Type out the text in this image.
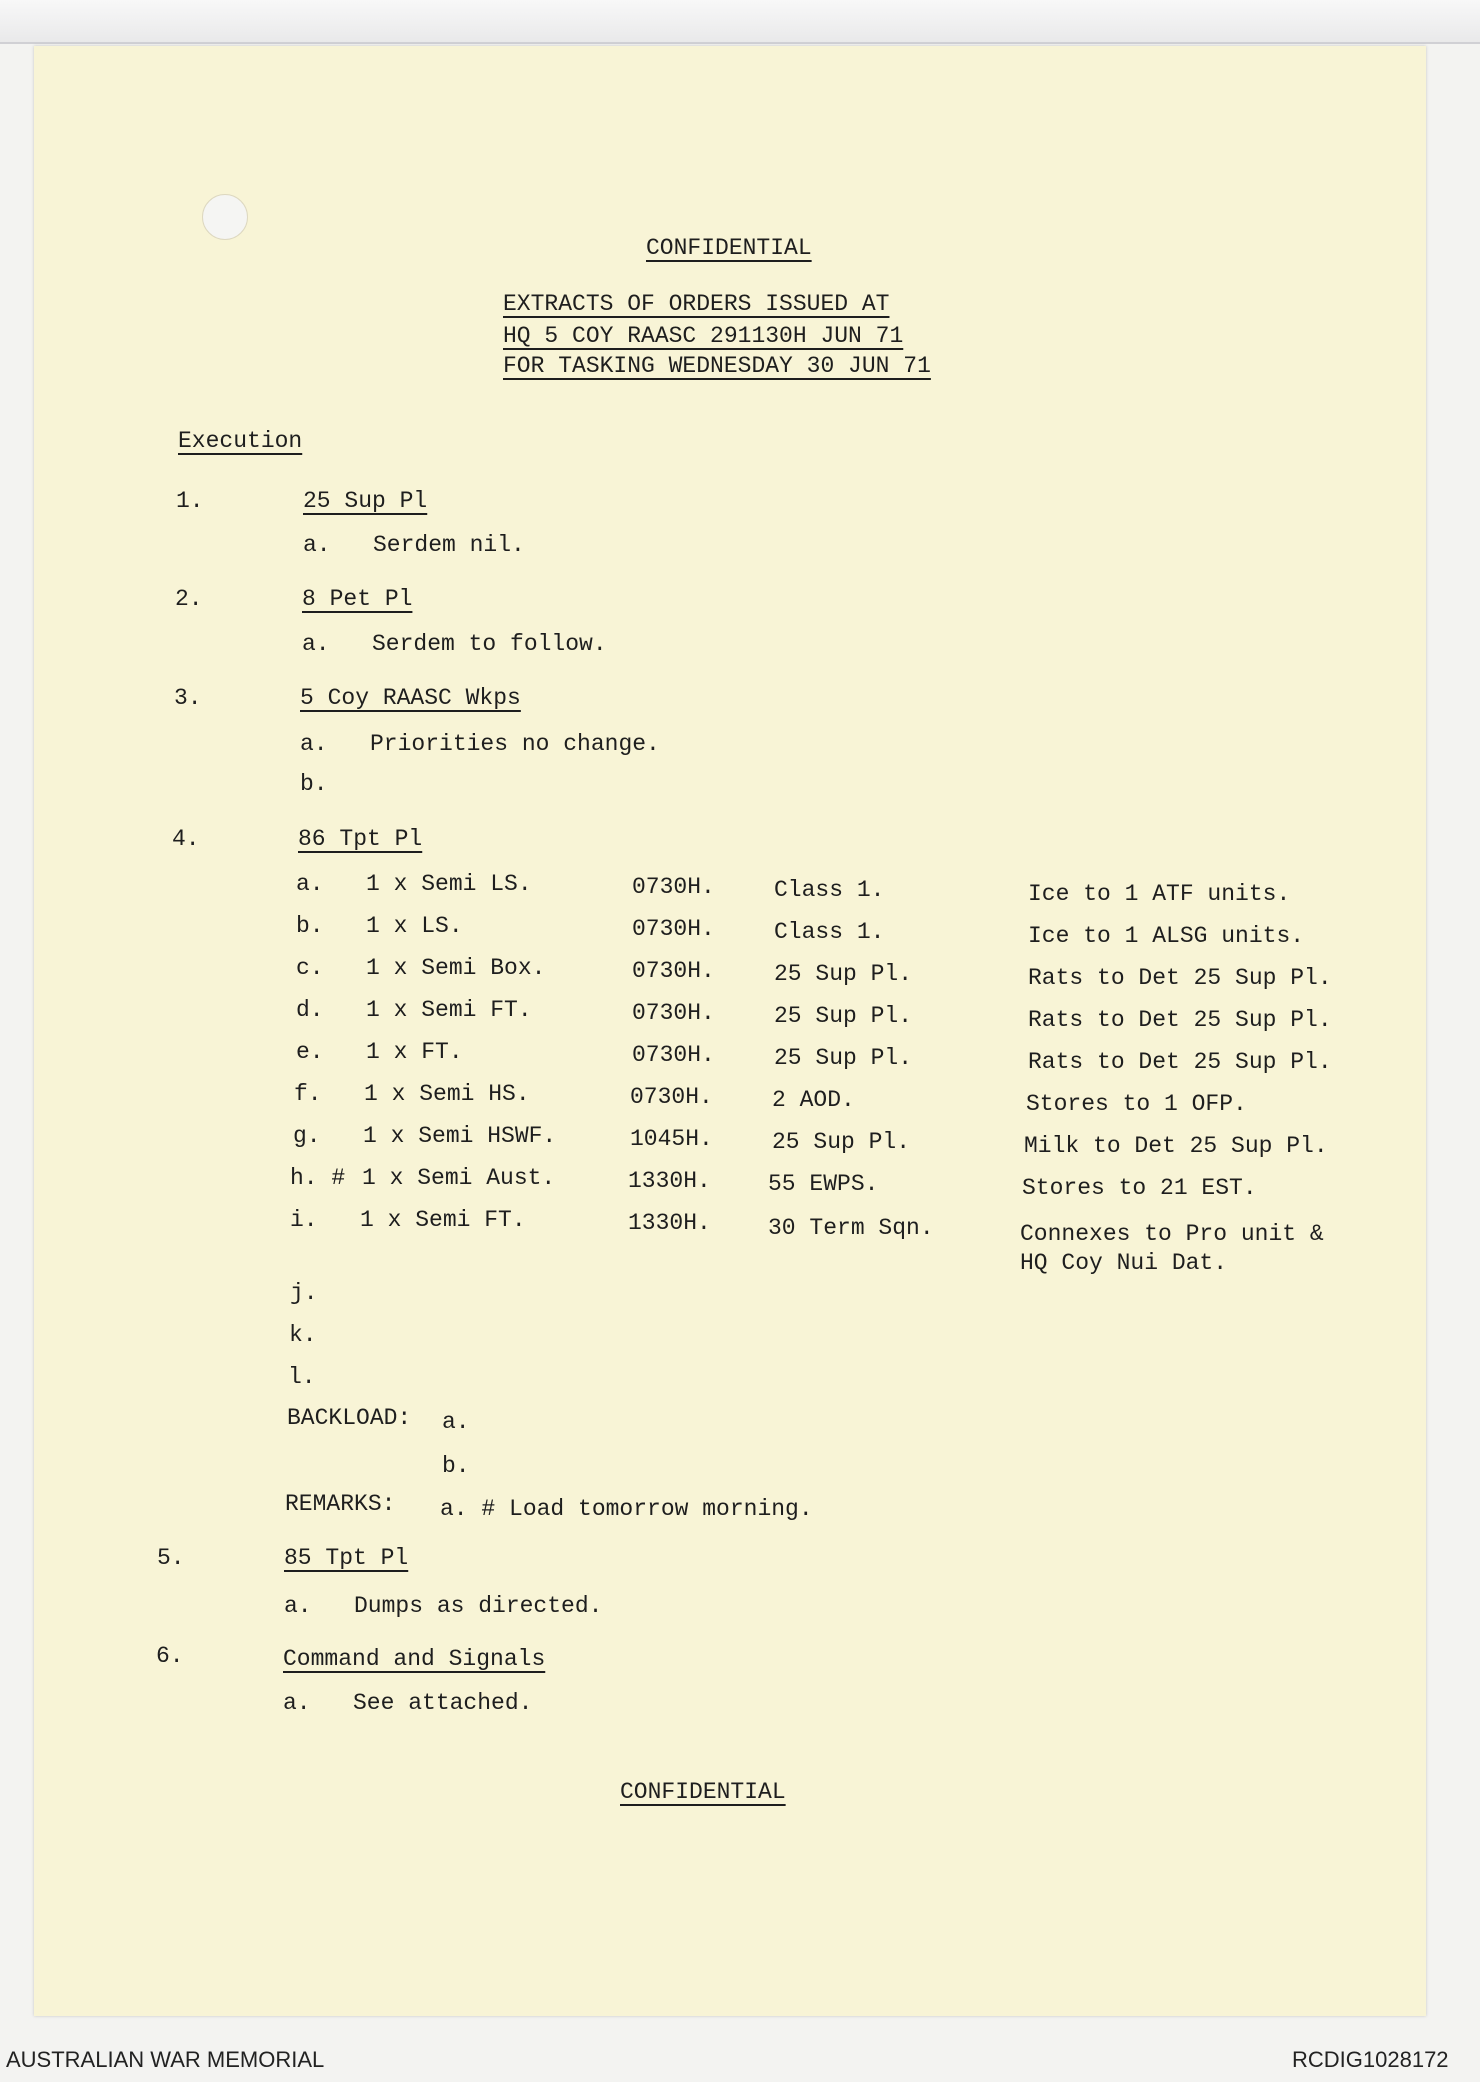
CONFIDENTIAL
EXTRACTS OF ORDERS ISSUED AT
HQ 5 COY RAASC 291130H JUN 71
FOR TASKING WEDNESDAY 30 JUN 71
Execution
1.	25 Sup Pl
a. Serdem nil.
2.	8 Pet Pl
a. Serdem to follow.
3.	5 Coy RAASC Wkps
a. Priorities no change.
b.
4.	86 Tpt Pl
a. 1 x Semi LS.	0730H.	Class 1.	Ice to 1 ATF units.
b. 1 x LS.	0730H.	Class 1.	Ice to 1 ALSG units.
c. 1 x Semi Box.	0730H.	25 Sup Pl.	Rats to Det 25 Sup Pl.
d. 1 x Semi FT.	0730H.	25 Sup Pl.	Rats to Det 25 Sup Pl.
e. 1 x FT.	0730H.	25 Sup Pl.	Rats to Det 25 Sup Pl.
f. 1 x Semi HS.	0730H.	2 AOD.	Stores to 1 OFP.
g. 1 x Semi HSWF.	1045H.	25 Sup Pl.	Milk to Det 25 Sup Pl.
h. # 1 x Semi Aust.	1330H. 55 EWPS.	Stores to 21 EST.
i. 1 x Semi FT.	1330H. 30 Term Sqn.	Connexes to Pro unit &
HQ Coy Nui Dat.
j.
k.
l.
BACKLOAD: a.
b.
REMARKS: a. # Load tomorrow morning.
5.	85 Tpt Pl
a. Dumps as directed.
6.	Command and Signals
a. See attached.
CONFIDENTIAL
AUSTRALIAN WAR MEMORIAL	RCDIG1028172
